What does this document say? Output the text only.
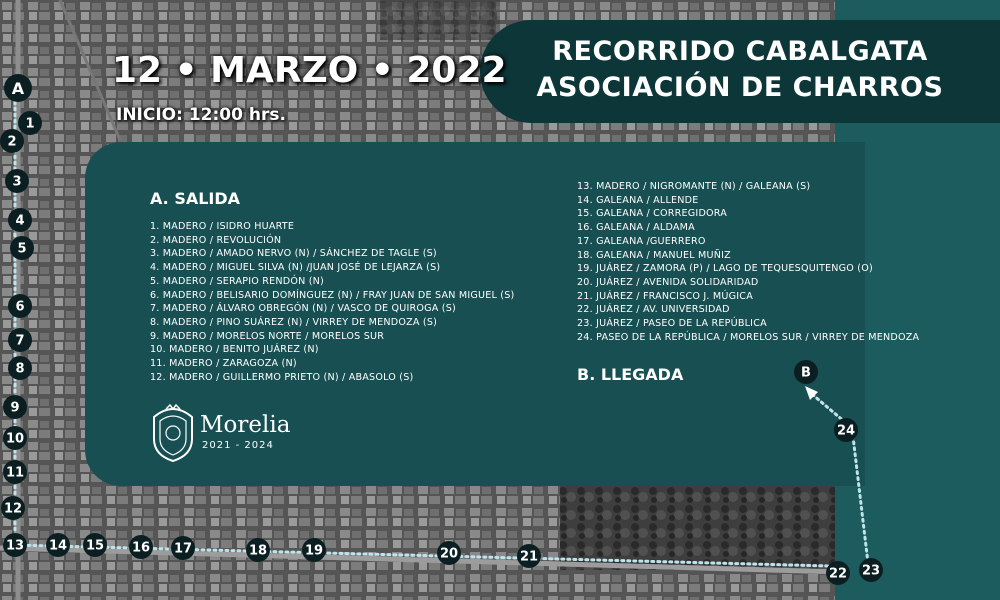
RECORRIDO CABALGATA
ASOCIACIÓN DE CHARROS
12 • MARZO • 2022
INICIO: 12:00 hrs.
A. SALIDA
1. MADERO / ISIDRO HUARTE
2. MADERO / REVOLUCIÓN
3. MADERO / AMADO NERVO (N) / SÁNCHEZ DE TAGLE (S)
4. MADERO / MIGUEL SILVA (N) /JUAN JOSÉ DE LEJARZA (S)
5. MADERO / SERAPIO RENDÓN (N)
6. MADERO / BELISARIO DOMÍNGUEZ (N) / FRAY JUAN DE SAN MIGUEL (S)
7. MADERO / ÁLVARO OBREGÓN (N) / VASCO DE QUIROGA (S)
8. MADERO / PINO SUÁREZ (N) / VIRREY DE MENDOZA (S)
9. MADERO / MORELOS NORTE / MORELOS SUR
10. MADERO / BENITO JUÁREZ (N)
11. MADERO / ZARAGOZA (N)
12. MADERO / GUILLERMO PRIETO (N) / ABASOLO (S)
13. MADERO / NIGROMANTE (N) / GALEANA (S)
14. GALEANA / ALLENDE
15. GALEANA / CORREGIDORA
16. GALEANA / ALDAMA
17. GALEANA /GUERRERO
18. GALEANA / MANUEL MUÑIZ
19. JUÁREZ / ZAMORA (P) / LAGO DE TEQUESQUITENGO (O)
20. JUÁREZ / AVENIDA SOLIDARIDAD
21. JUÁREZ / FRANCISCO J. MÚGICA
22. JUÁREZ / AV. UNIVERSIDAD
23. JUÁREZ / PASEO DE LA REPÚBLICA
24. PASEO DE LA REPÚBLICA / MORELOS SUR / VIRREY DE MENDOZA
B. LLEGADA
Morelia
2021 - 2024
1
2
3
4
5
6
7
8
9
10
11
12
13 14 15 16 17	18	19	20	21
22 23
24
A
B
